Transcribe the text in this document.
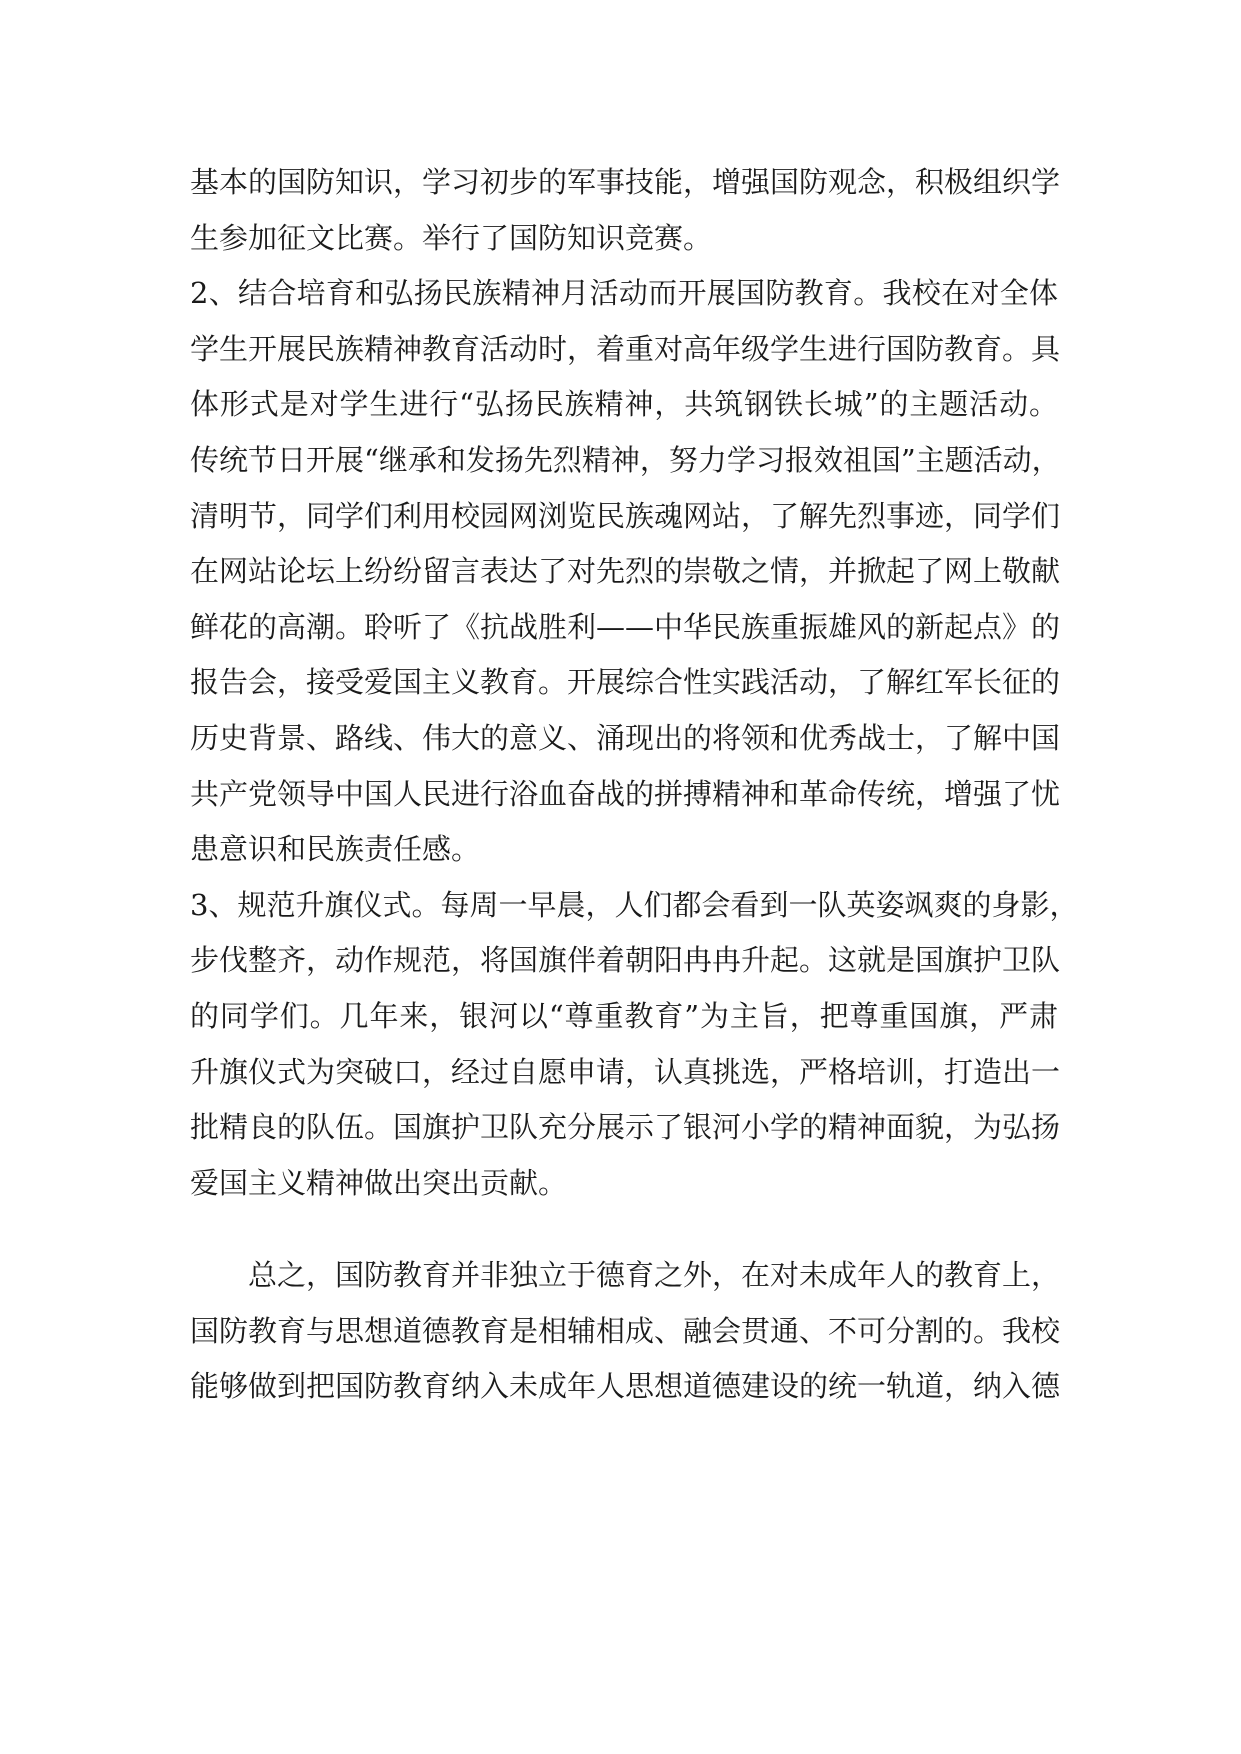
基本的国防知识，学习初步的军事技能，增强国防观念，积极组织学
生参加征文比赛。举行了国防知识竞赛。
2、结合培育和弘扬民族精神月活动而开展国防教育。我校在对全体
学生开展民族精神教育活动时，着重对高年级学生进行国防教育。具
体形式是对学生进行“弘扬民族精神，共筑钢铁长城”的主题活动。
传统节日开展“继承和发扬先烈精神，努力学习报效祖国”主题活动，
清明节，同学们利用校园网浏览民族魂网站，了解先烈事迹，同学们
在网站论坛上纷纷留言表达了对先烈的崇敬之情，并掀起了网上敬献
鲜花的高潮。聆听了《抗战胜利——中华民族重振雄风的新起点》的
报告会，接受爱国主义教育。开展综合性实践活动，了解红军长征的
历史背景、路线、伟大的意义、涌现出的将领和优秀战士，了解中国
共产党领导中国人民进行浴血奋战的拼搏精神和革命传统，增强了忧
患意识和民族责任感。
3、规范升旗仪式。每周一早晨，人们都会看到一队英姿飒爽的身影，
步伐整齐，动作规范，将国旗伴着朝阳冉冉升起。这就是国旗护卫队
的同学们。几年来，银河以“尊重教育”为主旨，把尊重国旗，严肃
升旗仪式为突破口，经过自愿申请，认真挑选，严格培训，打造出一
批精良的队伍。国旗护卫队充分展示了银河小学的精神面貌，为弘扬
爱国主义精神做出突出贡献。
总之，国防教育并非独立于德育之外，在对未成年人的教育上，
国防教育与思想道德教育是相辅相成、融会贯通、不可分割的。我校
能够做到把国防教育纳入未成年人思想道德建设的统一轨道，纳入德
